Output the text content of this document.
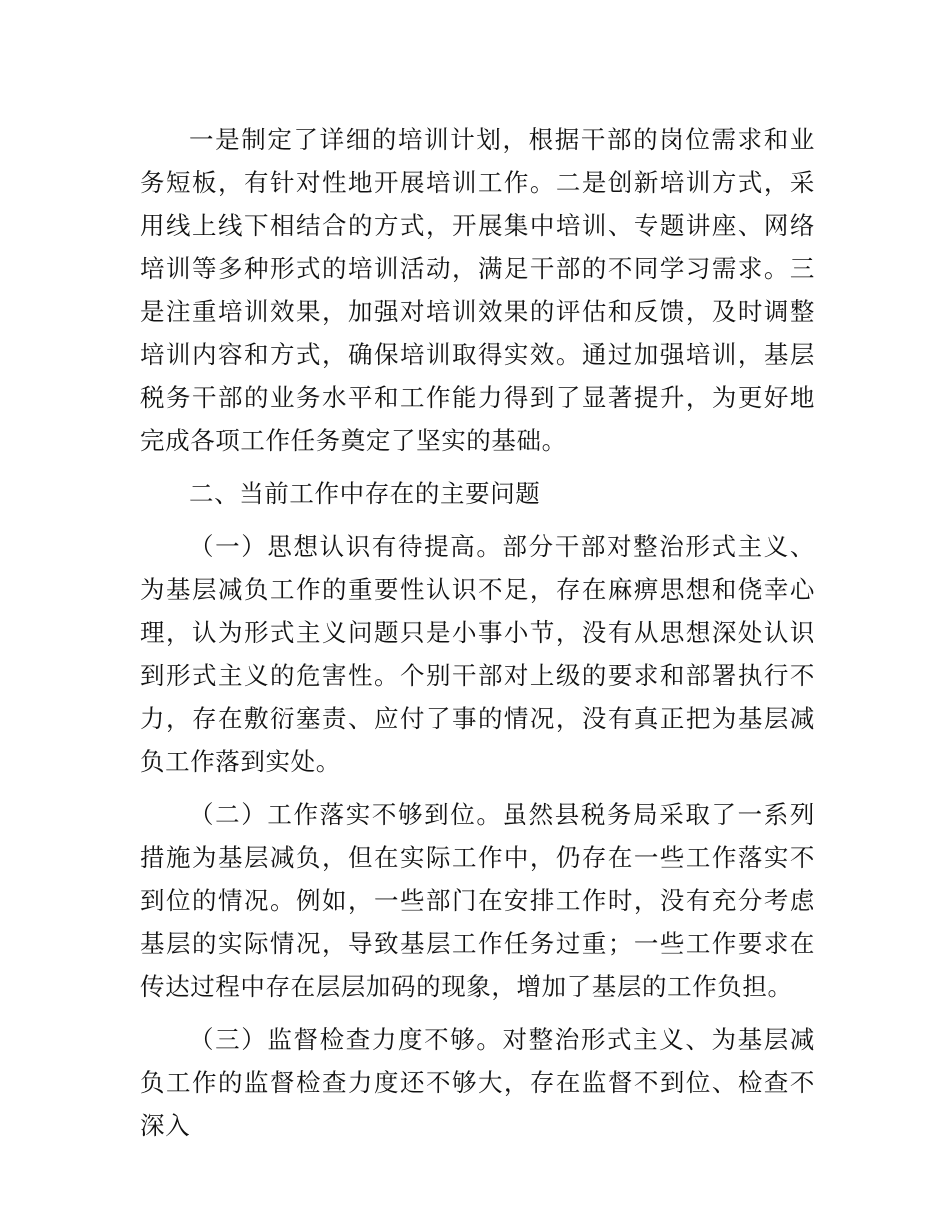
一是制定了详细的培训计划，根据干部的岗位需求和业务短板，有针对性地开展培训工作。二是创新培训方式，采用线上线下相结合的方式，开展集中培训、专题讲座、网络培训等多种形式的培训活动，满足干部的不同学习需求。三是注重培训效果，加强对培训效果的评估和反馈，及时调整培训内容和方式，确保培训取得实效。通过加强培训，基层税务干部的业务水平和工作能力得到了显著提升，为更好地完成各项工作任务奠定了坚实的基础。

二、当前工作中存在的主要问题

（一）思想认识有待提高。部分干部对整治形式主义、为基层减负工作的重要性认识不足，存在麻痹思想和侥幸心理，认为形式主义问题只是小事小节，没有从思想深处认识到形式主义的危害性。个别干部对上级的要求和部署执行不力，存在敷衍塞责、应付了事的情况，没有真正把为基层减负工作落到实处。

（二）工作落实不够到位。虽然县税务局采取了一系列措施为基层减负，但在实际工作中，仍存在一些工作落实不到位的情况。例如，一些部门在安排工作时，没有充分考虑基层的实际情况，导致基层工作任务过重；一些工作要求在传达过程中存在层层加码的现象，增加了基层的工作负担。

（三）监督检查力度不够。对整治形式主义、为基层减负工作的监督检查力度还不够大，存在监督不到位、检查不深入
